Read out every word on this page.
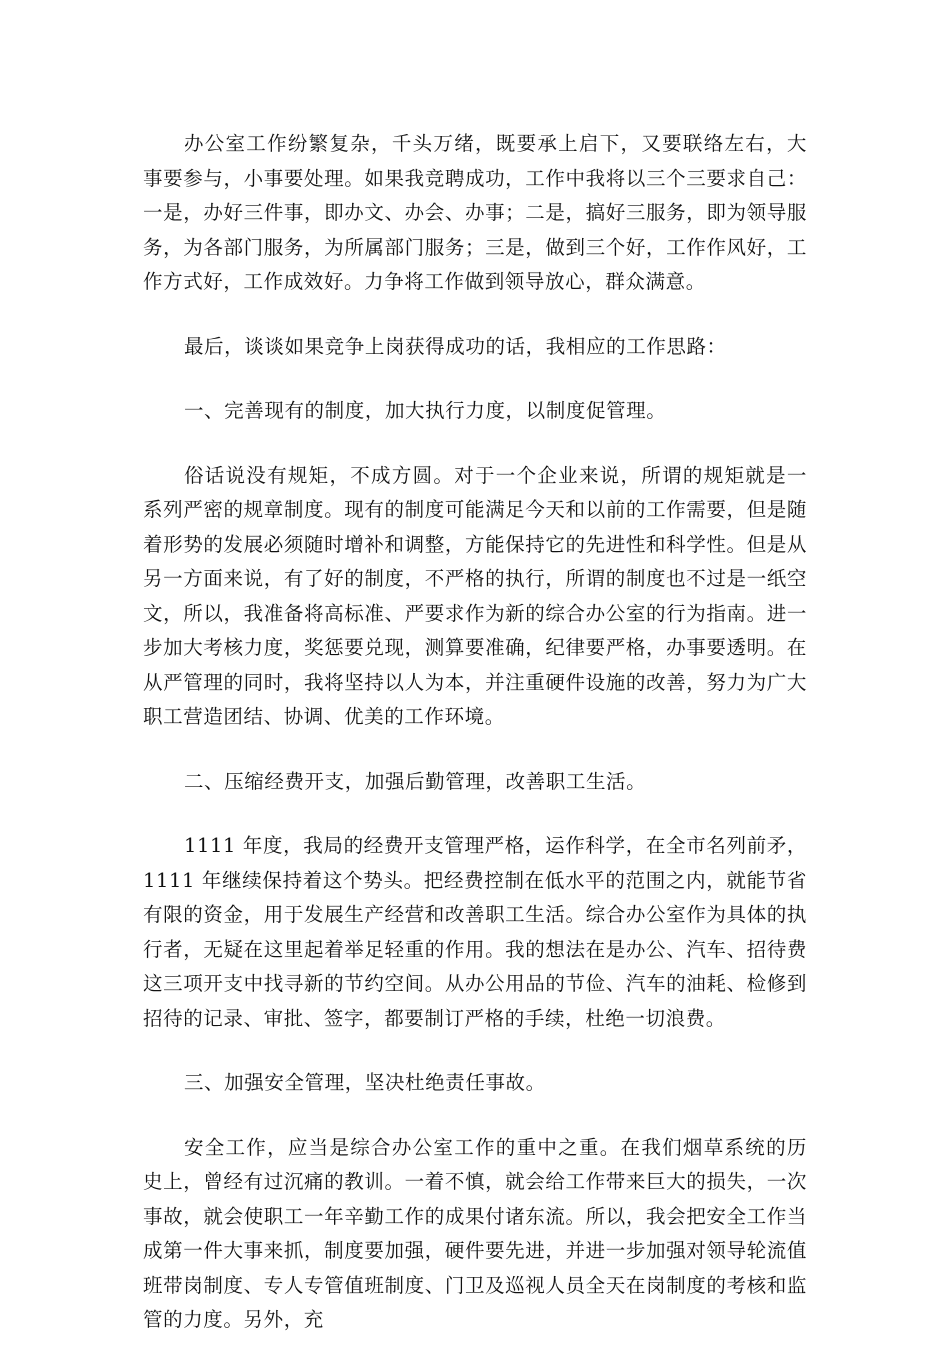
办公室工作纷繁复杂，千头万绪，既要承上启下，又要联络左右，大事要参与，小事要处理。如果我竞聘成功，工作中我将以三个三要求自己：一是，办好三件事，即办文、办会、办事；二是，搞好三服务，即为领导服务，为各部门服务，为所属部门服务；三是，做到三个好，工作作风好，工作方式好，工作成效好。力争将工作做到领导放心，群众满意。

最后，谈谈如果竞争上岗获得成功的话，我相应的工作思路：

一、完善现有的制度，加大执行力度，以制度促管理。

俗话说没有规矩，不成方圆。对于一个企业来说，所谓的规矩就是一系列严密的规章制度。现有的制度可能满足今天和以前的工作需要，但是随着形势的发展必须随时增补和调整，方能保持它的先进性和科学性。但是从另一方面来说，有了好的制度，不严格的执行，所谓的制度也不过是一纸空文，所以，我准备将高标准、严要求作为新的综合办公室的行为指南。进一步加大考核力度，奖惩要兑现，测算要准确，纪律要严格，办事要透明。在从严管理的同时，我将坚持以人为本，并注重硬件设施的改善，努力为广大职工营造团结、协调、优美的工作环境。

二、压缩经费开支，加强后勤管理，改善职工生活。

1111 年度，我局的经费开支管理严格，运作科学，在全市名列前矛，1111 年继续保持着这个势头。把经费控制在低水平的范围之内，就能节省有限的资金，用于发展生产经营和改善职工生活。综合办公室作为具体的执行者，无疑在这里起着举足轻重的作用。我的想法在是办公、汽车、招待费这三项开支中找寻新的节约空间。从办公用品的节俭、汽车的油耗、检修到招待的记录、审批、签字，都要制订严格的手续，杜绝一切浪费。

三、加强安全管理，坚决杜绝责任事故。

安全工作，应当是综合办公室工作的重中之重。在我们烟草系统的历史上，曾经有过沉痛的教训。一着不慎，就会给工作带来巨大的损失，一次事故，就会使职工一年辛勤工作的成果付诸东流。所以，我会把安全工作当成第一件大事来抓，制度要加强，硬件要先进，并进一步加强对领导轮流值班带岗制度、专人专管值班制度、门卫及巡视人员全天在岗制度的考核和监管的力度。另外，充
